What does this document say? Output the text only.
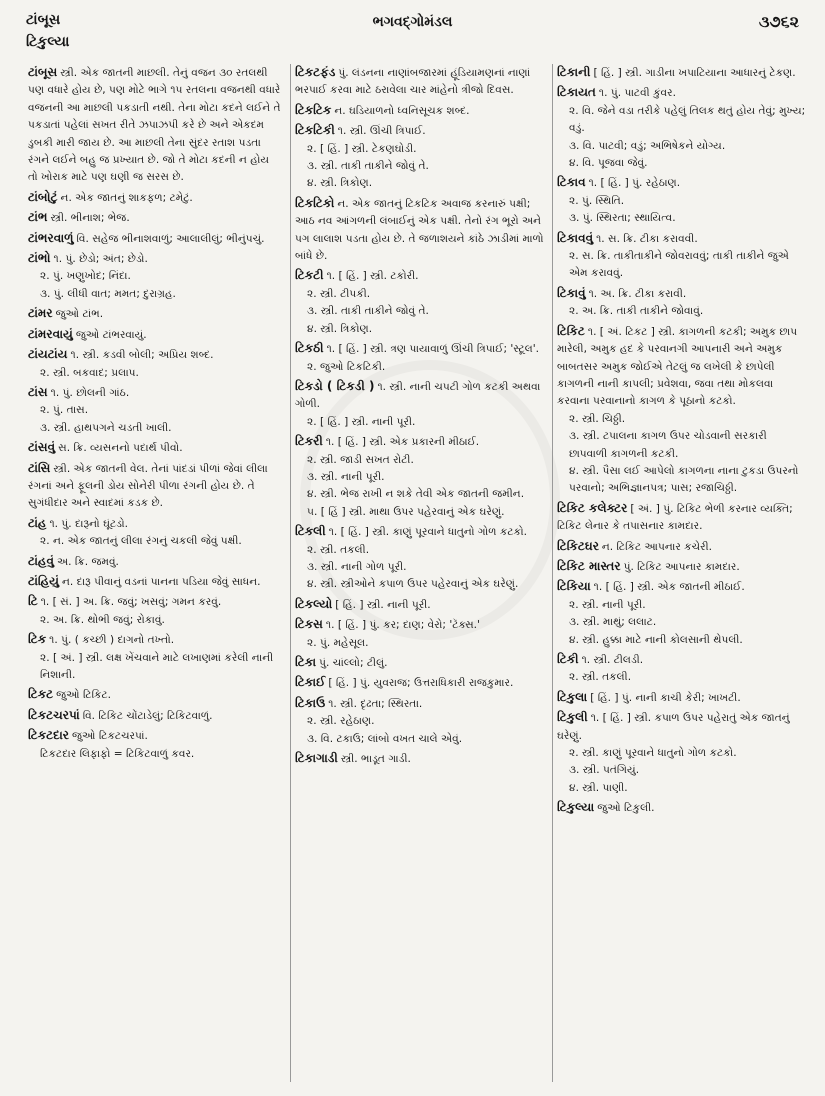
ટાંબૂસ
ટિકુલ્યા
ભગવદ્ગોમંડલ	૩૭૬૨
ટાંબૂસ સ્ત્રી. એક જાતની માછલી. તેનું વજન ૩૦ રતલથી પણ વધારે હોય છે, પણ મોટે ભાગે ૧૫ રતલના વજનથી વધારે વજનની આ માછલી પકડાતી નથી. તેના મોટા કદને લઈને તે પકડાતાં પહેલાં સખત રીતે ઝપાઝપી કરે છે અને એકદમ ડુબકી મારી જાય છે. આ માછલી તેના સુંદર રતાશ પડતા રંગને લઈને બહુ જ પ્રખ્યાત છે. જો તે મોટા કદની ન હોય તો ખોરાક માટે પણ ઘણી જ સરસ છે.
ટાંબોટું ન. એક જાતનું શાકફળ; ટમેટું.
ટાંભ સ્ત્રી. ભીનાશ; ભેજ.
ટાંભરવાળું વિ. સહેજ ભીનાશવાળું; આલાલીલું; ભીનુંપચું.
ટાંભો ૧. પું. છેડો; અંત; છેડો.
૨. પું. ખણુખોદ; નિંદા.
૩. પું. લીધી વાત; મમત; દુરાગ્રહ.
ટાંમર જુઓ ટાંભ.
ટાંમરવાયું જુઓ ટાંભરવાયું.
ટાંયટાંય ૧. સ્ત્રી. કડવી બોલી; અપ્રિય શબ્દ.
૨. સ્ત્રી. બકવાદ; પ્રલાપ.
ટાંસ ૧. પું. છોલની ગાંઠ.
૨. પું. તાસ.
૩. સ્ત્રી. હાથપગને ચડતી ખાલી.
ટાંસવું સ. ક્રિ. વ્યસનનો પદાર્થ પીવો.
ટાંસિ સ્ત્રી. એક જાતની વેલ. તેનાં પાંદડાં પીળાં જેવાં લીલા રંગનાં અને ફૂલની ડોય સોનેરી પીળા રંગની હોય છે. તે સુગંધીદાર અને સ્વાદમાં કડક છે.
ટાંહ ૧. પું. દારૂનો ઘૂંટડો.
૨. ન. એક જાતનું લીલા રંગનું ચકલી જેવું પક્ષી.
ટાંહવું અ. ક્રિ. જમવું.
ટાંહિયું ન. દારૂ પીવાનું વડનાં પાનના પડિયા જેવું સાધન.
ટિ ૧. [ સં. ] અ. ક્રિ. જવું; ખસવું; ગમન કરવું.
૨. અ. ક્રિ. થોભી જવું; રોકાવું.
ટિક ૧. પું. ( કચ્છી ) દાગનો તખ્તો.
૨. [ અં. ] સ્ત્રી. લક્ષ ખેંચવાને માટે લખાણમાં કરેલી નાની નિશાની.
ટિકટ જુઓ ટિકિટ.
ટિકટચરપાં વિ. ટિકિટ ચોંટાડેલું; ટિકિટવાળું.
ટિકટદાર જુઓ ટિકટચરપાં.
ટિકટદાર લિફાફો = ટિકિટવાળું કવર.
ટિકટફંડ પું. લંડનના નાણાંબજારમાં હૂંડિયામણનાં નાણાં ભરપાઈ કરવા માટે ઠરાવેલા ચાર માંહેનો ત્રીજો દિવસ.
ટિકટિક ન. ઘડિયાળનો ધ્વનિસૂચક શબ્દ.
ટિકટિકી ૧. સ્ત્રી. ઊંચી ત્રિપાઈ.
૨. [ હિં. ] સ્ત્રી. ટેકણઘોડી.
૩. સ્ત્રી. તાકી તાકીને જોવું તે.
૪. સ્ત્રી. ત્રિકોણ.
ટિકટિકો ન. એક જાતનું ટિકટિક અવાજ કરનારું પક્ષી; આઠ નવ આંગળની લંબાઈનું એક પક્ષી. તેનો રંગ ભૂરો અને પગ લાલાશ પડતા હોય છે. તે જળાશયને કાંઠે ઝાડીમાં માળો બાંધે છે.
ટિકટી ૧. [ હિં. ] સ્ત્રી. ટકોરી.
૨. સ્ત્રી. ટીપકી.
૩. સ્ત્રી. તાકી તાકીને જોવું તે.
૪. સ્ત્રી. ત્રિકોણ.
ટિકઠી ૧. [ હિં. ] સ્ત્રી. ત્રણ પાયાવાળું ઊંચી ત્રિપાઈ; 'સ્ટૂલ'.
૨. જુઓ ટિકટિકી.
ટિકડો ( ટિકડી ) ૧. સ્ત્રી. નાની ચપટી ગોળ કટકી અથવા ગોળી.
૨. [ હિં. ] સ્ત્રી. નાની પૂરી.
ટિકરી ૧. [ હિં. ] સ્ત્રી. એક પ્રકારની મીઠાઈ.
૨. સ્ત્રી. જાડી સખત રોટી.
૩. સ્ત્રી. નાની પૂરી.
૪. સ્ત્રી. ભેજ રાખી ન શકે તેવી એક જાતની જમીન.
૫. [ હિં ] સ્ત્રી. માથા ઉપર પહેરવાનું એક ઘરેણું.
ટિકલી ૧. [ હિં. ] સ્ત્રી. કાણું પૂરવાને ધાતુનો ગોળ કટકો.
૨. સ્ત્રી. તકલી.
૩. સ્ત્રી. નાની ગોળ પૂરી.
૪. સ્ત્રી. સ્ત્રીઓને કપાળ ઉપર પહેરવાનું એક ઘરેણું.
ટિકલ્યો [ હિં. ] સ્ત્રી. નાની પૂરી.
ટિકસ ૧. [ હિં. ] પું. કર; દાણ; વેરો; 'ટૅક્સ.'
૨. પું. મહેસૂલ.
ટિકા પું. ચાંલ્લો; ટીલું.
ટિકાઈ [ હિં. ] પું. યુવરાજ; ઉત્તરાધિકારી રાજકુમાર.
ટિકાઉ ૧. સ્ત્રી. દૃઢતા; સ્થિરતા.
૨. સ્ત્રી. રહેઠાણ.
૩. વિ. ટકાઉ; લાંબો વખત ચાલે એવું.
ટિકાગાડી સ્ત્રી. ભાડૂત ગાડી.
ટિકાની [ હિં. ] સ્ત્રી. ગાડીના ખપાટિયાના આધારનું ટેકણ.
ટિકાયત ૧. પું. પાટવી કુંવર.
૨. વિ. જેને વડા તરીકે પહેલું તિલક થતું હોય તેવું; મુખ્ય; વડું.
૩. વિ. પાટવી; વડું; અભિષેકને યોગ્ય.
૪. વિ. પૂજવા જેવું.
ટિકાવ ૧. [ હિં. ] પું. રહેઠાણ.
૨. પું. સ્થિતિ.
૩. પું. સ્થિરતા; સ્થાયિત્વ.
ટિકાવવું ૧. સ. ક્રિ. ટીકા કરાવવી.
૨. સ. ક્રિ. તાકીતાકીને જોવરાવવું; તાકી તાકીને જુએ એમ કરાવવું.
ટિકાવું ૧. અ. ક્રિ. ટીકા કરાવી.
૨. અ. ક્રિ. તાકી તાકીને જોવાવું.
ટિકિટ ૧. [ અં. ટિકટ ] સ્ત્રી. કાગળની કટકી; અમુક છાપ મારેલી, અમુક હદ કે પરવાનગી આપનારી અને અમુક બાબતસર અમુક જોઈએ તેટલું જ લખેલી કે છાપેલી કાગળની નાની કાપલી; પ્રવેશવા, જવા તથા મોકલવા કરવાના પરવાનાનો કાગળ કે પૂઠાનો કટકો.
૨. સ્ત્રી. ચિઠ્ઠી.
૩. સ્ત્રી. ટપાલના કાગળ ઉપર ચોડવાની સરકારી છાપવાળી કાગળની કટકી.
૪. સ્ત્રી. પૈસા લઈ આપેલો કાગળના નાના ટુકડા ઉપરનો પરવાનો; અભિજ્ઞાનપત્ર; પાસ; રજાચિઠ્ઠી.
ટિકિટ કલેક્ટર [ અં. ] પું. ટિકિટ ભેળી કરનાર વ્યક્તિ; ટિકિટ લેનાર કે તપાસનાર કામદાર.
ટિકિટઘર ન. ટિકિટ આપનાર કચેરી.
ટિકિટ માસ્તર પું. ટિકિટ આપનાર કામદાર.
ટિકિયા ૧. [ હિં. ] સ્ત્રી. એક જાતની મીઠાઈ.
૨. સ્ત્રી. નાની પૂરી.
૩. સ્ત્રી. માથું; લલાટ.
૪. સ્ત્રી. હુક્કા માટે નાની કોલસાની થેપલી.
ટિકી ૧. સ્ત્રી. ટીલડી.
૨. સ્ત્રી. તકલી.
ટિકુલા [ હિં. ] પું. નાની કાચી કેરી; ખાખટી.
ટિકુલી ૧. [ હિં. ] સ્ત્રી. કપાળ ઉપર પહેરાતું એક જાતનું ઘરેણું.
૨. સ્ત્રી. કાણું પૂરવાને ધાતુનો ગોળ કટકો.
૩. સ્ત્રી. પતંગિયું.
૪. સ્ત્રી. પાણી.
ટિકુલ્યા જુઓ ટિકુલી.
